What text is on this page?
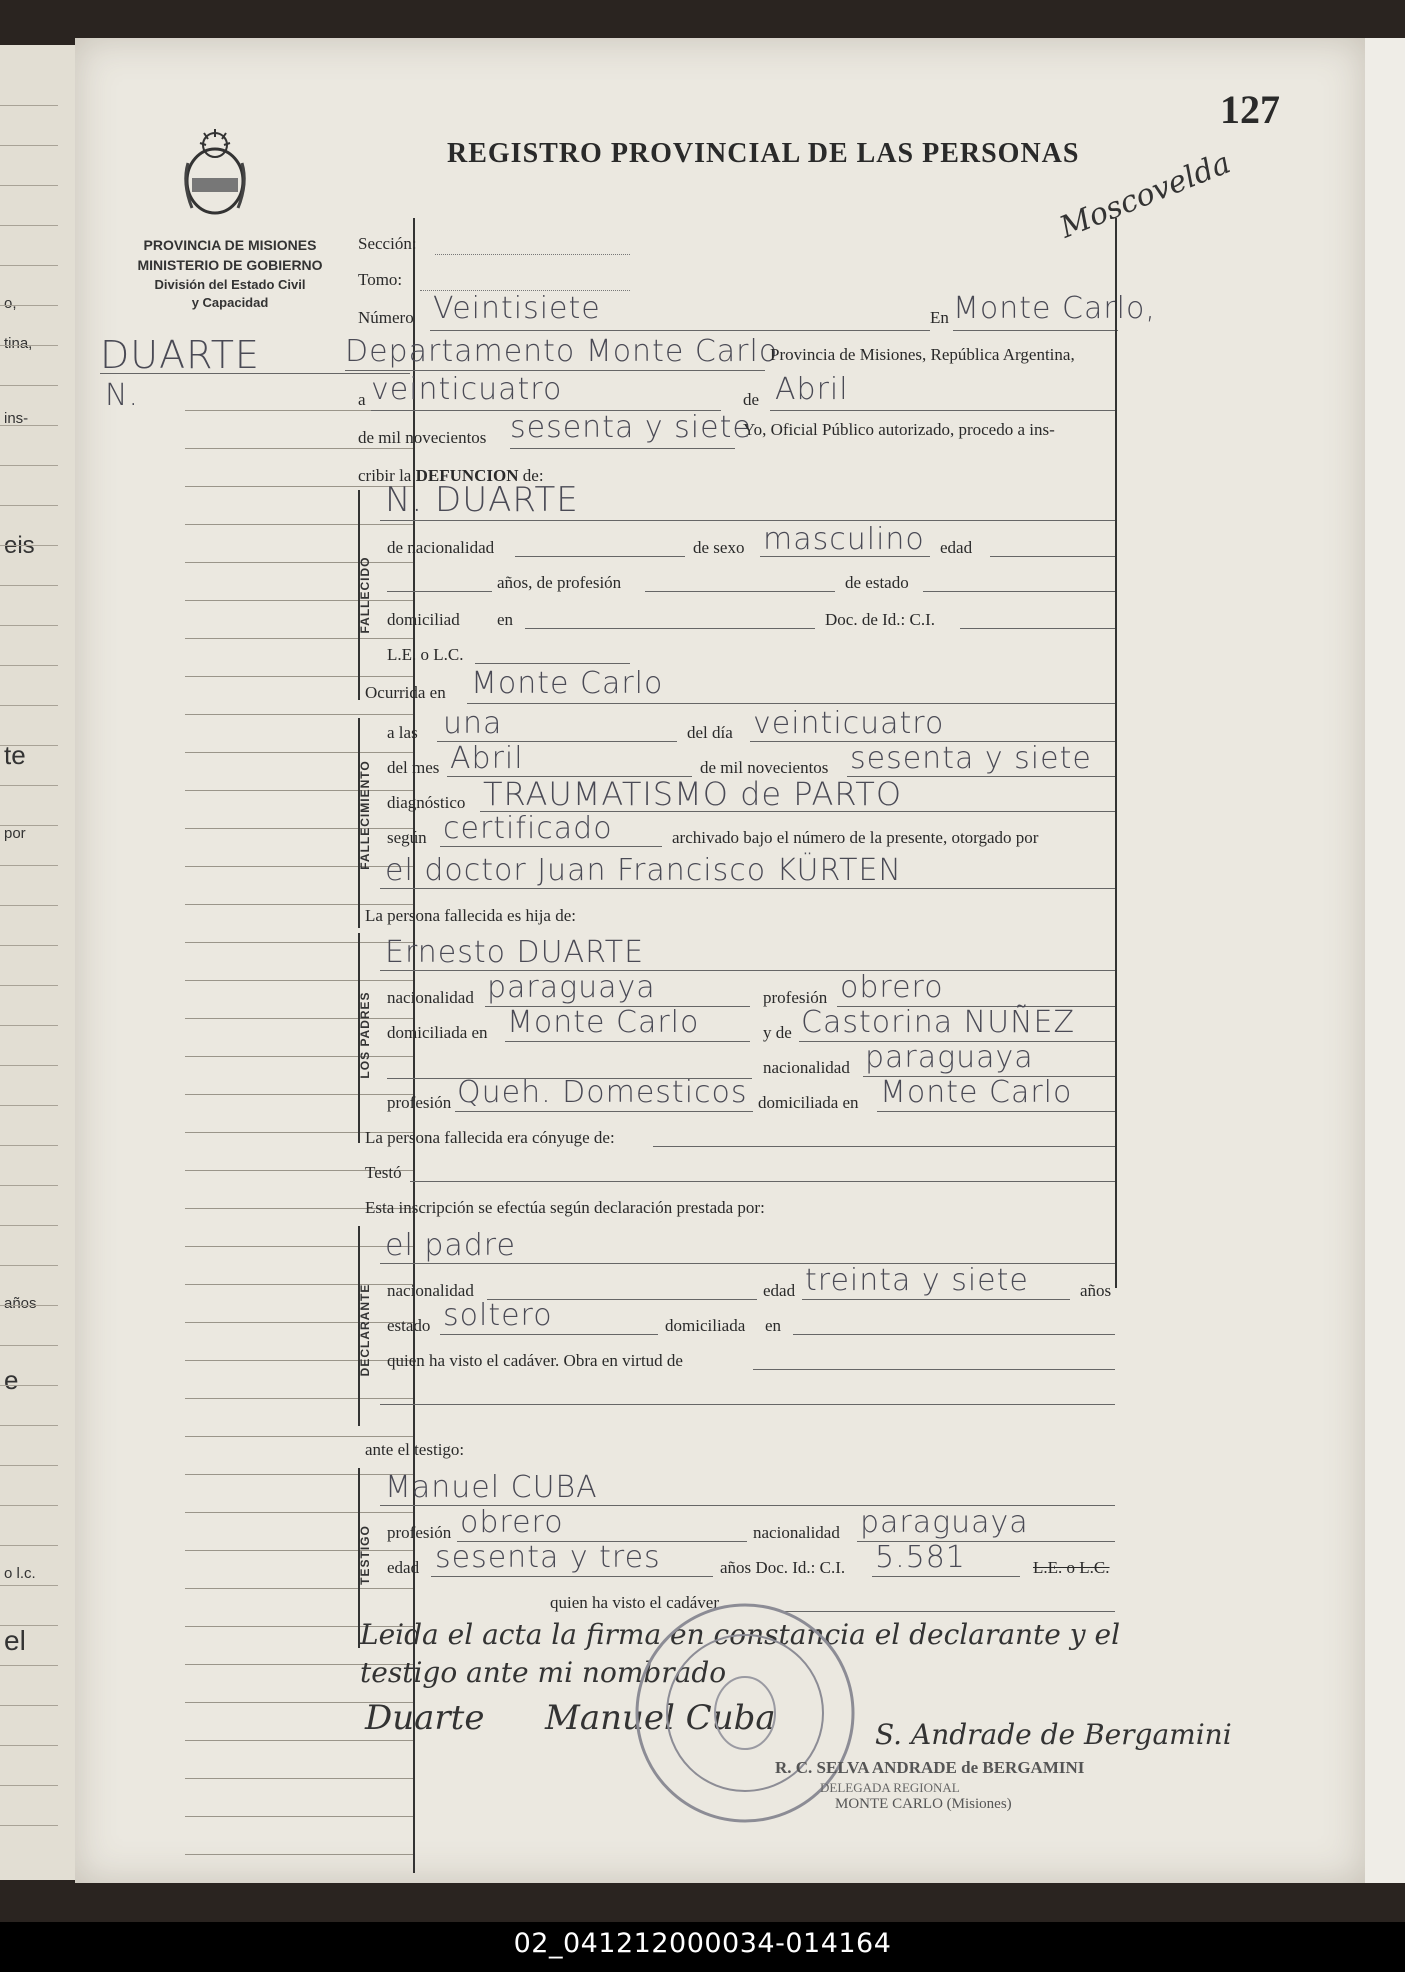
o,
tina,
ins-
eis
te
por
años
e
o l.c.
el
PROVINCIA DE MISIONES
MINISTERIO DE GOBIERNO
División del Estado Civil
y Capacidad
DUARTE
N.
REGISTRO PROVINCIAL DE LAS PERSONAS
127
Moscovelda
Sección:
Tomo:
Número Veintisiete	En Monte Carlo,
Departamento Monte Carlo
Provincia de Misiones, República Argentina,
a veinticuatro	de Abril
de mil novecientos sesenta y siete
Yo, Oficial Público autorizado, procedo a ins-
cribir la DEFUNCION de:
FALLECIDO
N. DUARTE
de nacionalidad	de sexo masculino edad
años, de profesión	de estado
domiciliad en	Doc. de Id.: C.I.
L.E. o L.C.
Ocurrida en Monte Carlo
FALLECIMIENTO
a las una	del día veinticuatro
del mes Abril	de mil novecientos sesenta y siete
diagnóstico TRAUMATISMO de PARTO
según certificado	archivado bajo el número de la presente, otorgado por
el doctor Juan Francisco KÜRTEN
La persona fallecida es hija de:
LOS PADRES
Ernesto DUARTE
nacionalidad paraguaya	profesión obrero
domiciliada en Monte Carlo	y de Castorina NUÑEZ
nacionalidad paraguaya
profesión Queh. Domesticos domiciliada en Monte Carlo
La persona fallecida era cónyuge de:
Testó
Esta inscripción se efectúa según declaración prestada por:
DECLARANTE
el padre
nacionalidad	edad treinta y siete	años
estado soltero	domiciliada en
quien ha visto el cadáver. Obra en virtud de
ante el testigo:
TESTIGO
Manuel CUBA
profesión obrero	nacionalidad paraguaya
edad sesenta y tres	años Doc. Id.: C.I. 5.581	L.E. o L.C.
quien ha visto el cadáver
Leida el acta la firma en constancia el declarante y el
testigo ante mi nombrado
Duarte Manuel Cuba	S. Andrade de Bergamini
R. C. SELVA ANDRADE de BERGAMINI
DELEGADA REGIONAL
MONTE CARLO (Misiones)
02_041212000034-014164
